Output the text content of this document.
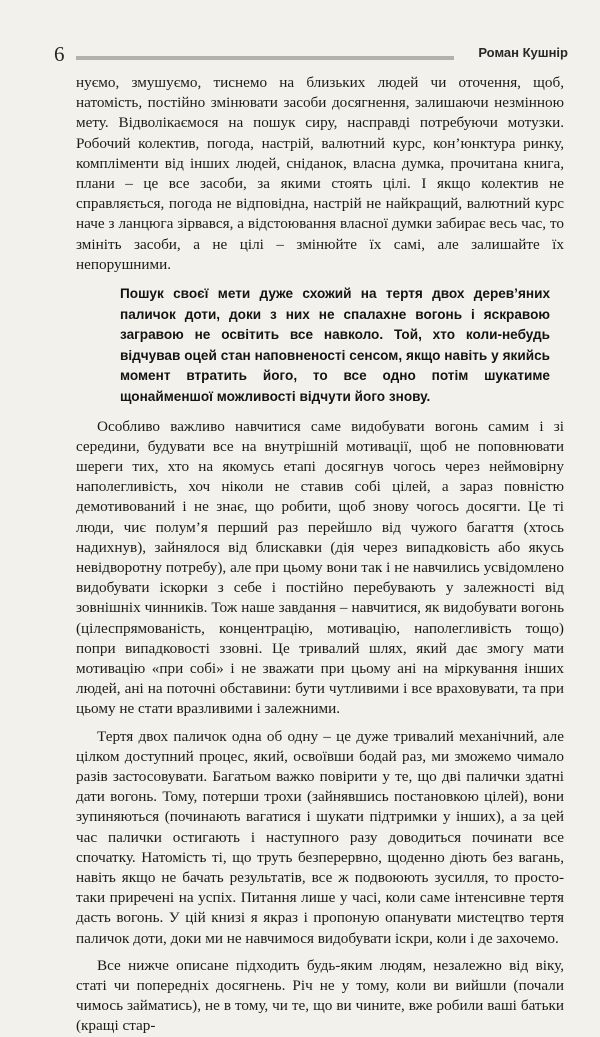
6	Роман Кушнір

нуємо, змушуємо, тиснемо на близьких людей чи оточення, щоб, натомість, постійно змінювати засоби досягнення, залишаючи незмінною мету. Відволікаємося на пошук сиру, насправді потребуючи мотузки. Робочий колектив, погода, настрій, валютний курс, кон’юнктура ринку, компліменти від інших людей, сніданок, власна думка, прочитана книга, плани – це все засоби, за якими стоять цілі. І якщо колектив не справляється, погода не відповідна, настрій не найкращий, валютний курс наче з ланцюга зірвався, а відстоювання власної думки забирає весь час, то змініть засоби, а не цілі – змінюйте їх самі, але залишайте їх непорушними.

Пошук своєї мети дуже схожий на тертя двох дерев’яних паличок доти, доки з них не спалахне вогонь і яскравою загравою не освітить все навколо. Той, хто коли-небудь відчував оцей стан наповненості сенсом, якщо навіть у якийсь момент втратить його, то все одно потім шукатиме щонайменшої можливості відчути його знову.

Особливо важливо навчитися саме видобувати вогонь самим і зі середини, будувати все на внутрішній мотивації, щоб не поповнювати шереги тих, хто на якомусь етапі досягнув чогось через неймовірну наполегливість, хоч ніколи не ставив собі цілей, а зараз повністю демотивований і не знає, що робити, щоб знову чогось досягти. Це ті люди, чиє полум’я перший раз перейшло від чужого багаття (хтось надихнув), зайнялося від блискавки (дія через випадковість або якусь невідворотну потребу), але при цьому вони так і не навчились усвідомлено видобувати іскорки з себе і постійно перебувають у залежності від зовнішніх чинників. Тож наше завдання – навчитися, як видобувати вогонь (цілеспрямованість, концентрацію, мотивацію, наполегливість тощо) попри випадковості ззовні. Це тривалий шлях, який дає змогу мати мотивацію «при собі» і не зважати при цьому ані на міркування інших людей, ані на поточні обставини: бути чутливими і все враховувати, та при цьому не стати вразливими і залежними.

Тертя двох паличок одна об одну – це дуже тривалий механічний, але цілком доступний процес, який, освоївши бодай раз, ми зможемо чимало разів застосовувати. Багатьом важко повірити у те, що дві палички здатні дати вогонь. Тому, потерши трохи (зайнявшись постановкою цілей), вони зупиняються (починають вагатися і шукати підтримки у інших), а за цей час палички остигають і наступного разу доводиться починати все спочатку. Натомість ті, що труть безперервно, щоденно діють без вагань, навіть якщо не бачать результатів, все ж подвоюють зусилля, то просто-таки приречені на успіх. Питання лише у часі, коли саме інтенсивне тертя дасть вогонь. У цій книзі я якраз і пропоную опанувати мистецтво тертя паличок доти, доки ми не навчимося видобувати іскри, коли і де захочемо.

Все нижче описане підходить будь-яким людям, незалежно від віку, статі чи попередніх досягнень. Річ не у тому, коли ви вийшли (почали чимось займатись), не в тому, чи те, що ви чините, вже робили ваші батьки (кращі стар-
